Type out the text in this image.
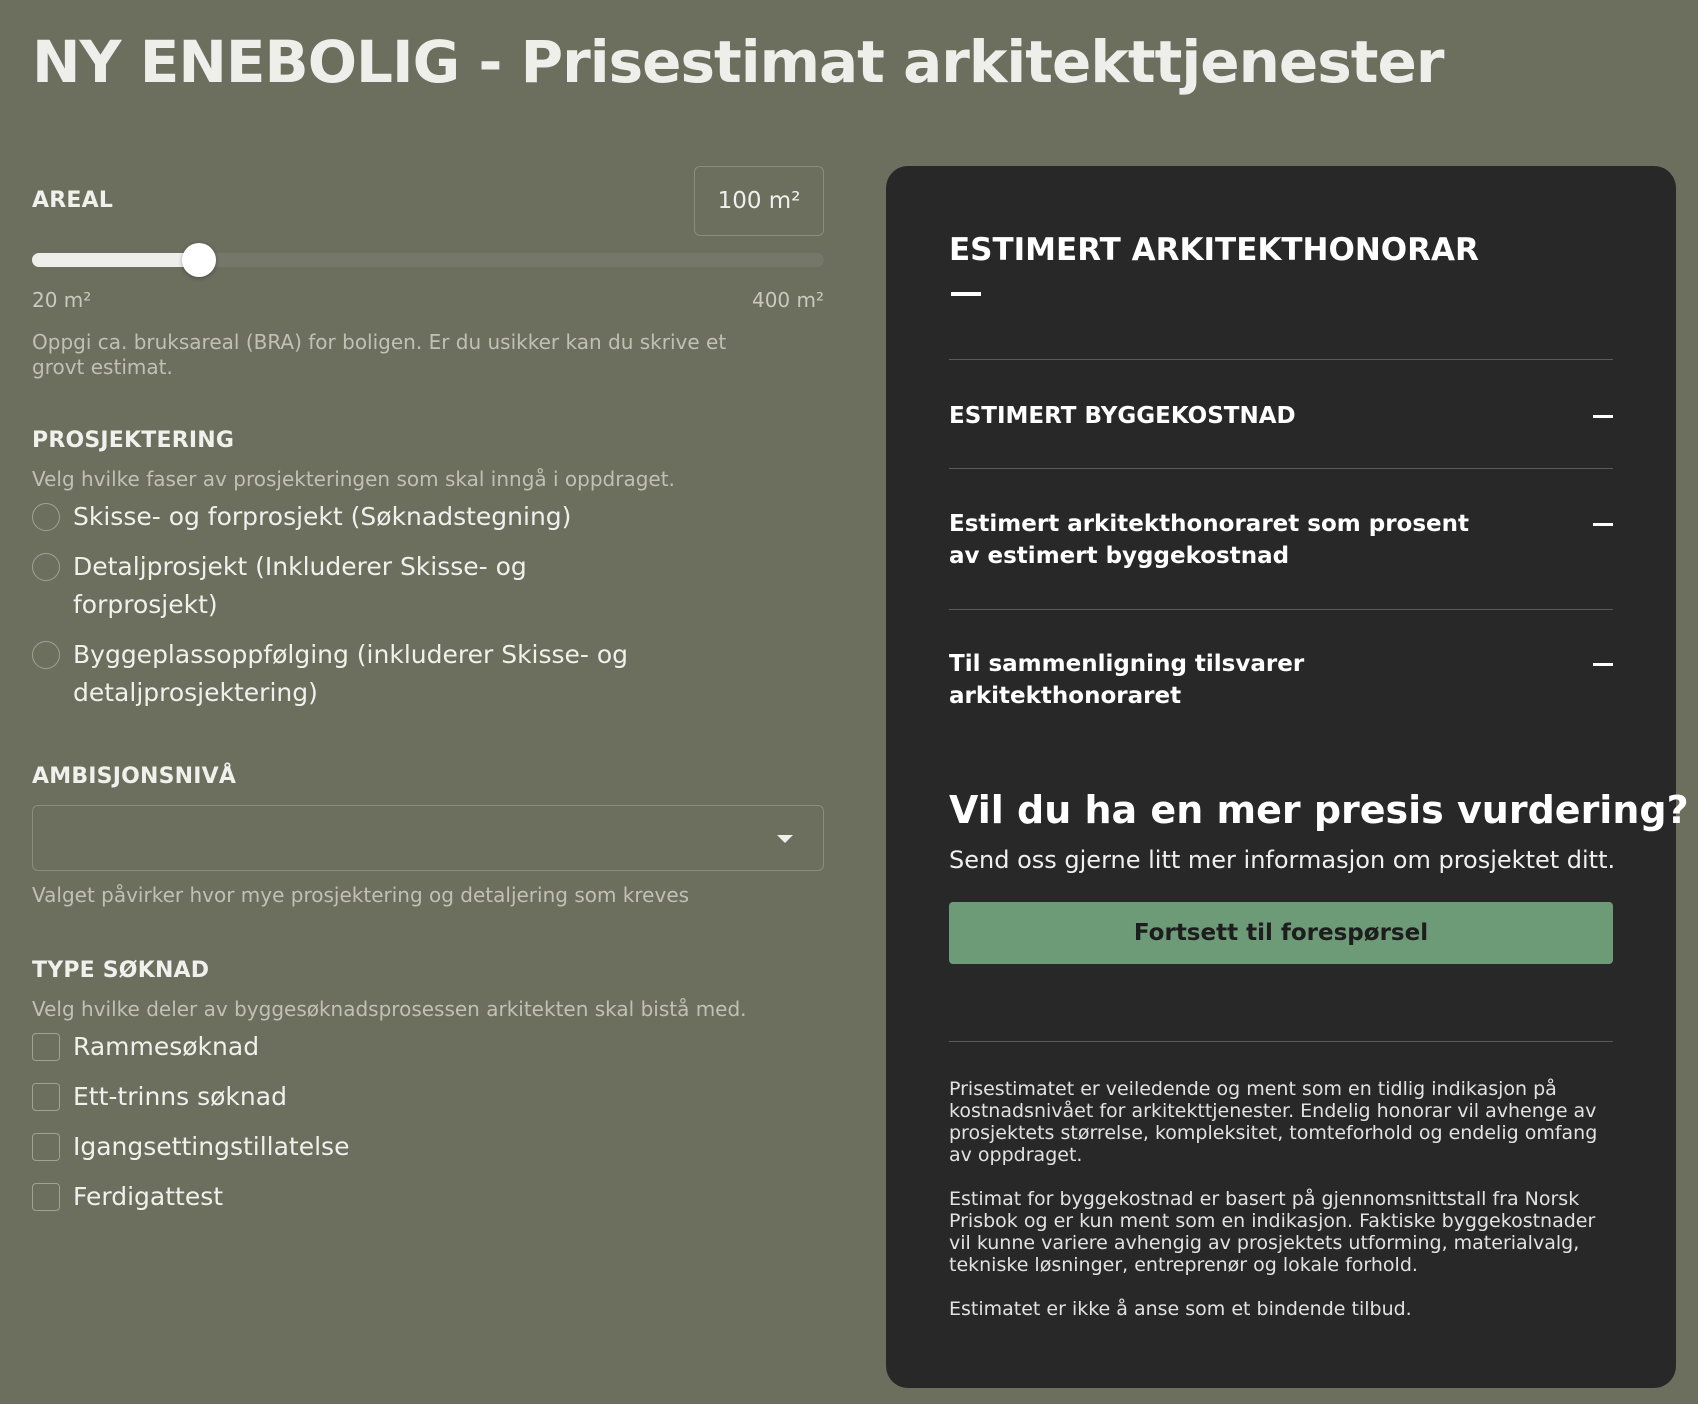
NY ENEBOLIG - Prisestimat arkitekttjenester
AREAL	100 m²
20 m²	400 m²

Oppgi ca. bruksareal (BRA) for boligen. Er du usikker kan du skrive et grovt estimat.

PROSJEKTERING

Velg hvilke faser av prosjekteringen som skal inngå i oppdraget.

Skisse- og forprosjekt (Søknadstegning)
Detaljprosjekt (Inkluderer Skisse- og forprosjekt)
Byggeplassoppfølging (inkluderer Skisse- og detaljprosjektering)
AMBISJONSNIVÅ

Valget påvirker hvor mye prosjektering og detaljering som kreves

TYPE SØKNAD

Velg hvilke deler av byggesøknadsprosessen arkitekten skal bistå med.

Rammesøknad
Ett-trinns søknad
Igangsettingstillatelse
Ferdigattest
ESTIMERT ARKITEKTHONORAR
ESTIMERT BYGGEKOSTNAD
Estimert arkitekthonoraret som prosent av estimert byggekostnad
Til sammenligning tilsvarer arkitekthonoraret
Vil du ha en mer presis vurdering?
Send oss gjerne litt mer informasjon om prosjektet ditt.
Fortsett til forespørsel

Prisestimatet er veiledende og ment som en tidlig indikasjon på kostnadsnivået for arkitekttjenester. Endelig honorar vil avhenge av prosjektets størrelse, kompleksitet, tomteforhold og endelig omfang av oppdraget.

Estimat for byggekostnad er basert på gjennomsnittstall fra Norsk Prisbok og er kun ment som en indikasjon. Faktiske byggekostnader vil kunne variere avhengig av prosjektets utforming, materialvalg, tekniske løsninger, entreprenør og lokale forhold.

Estimatet er ikke å anse som et bindende tilbud.
